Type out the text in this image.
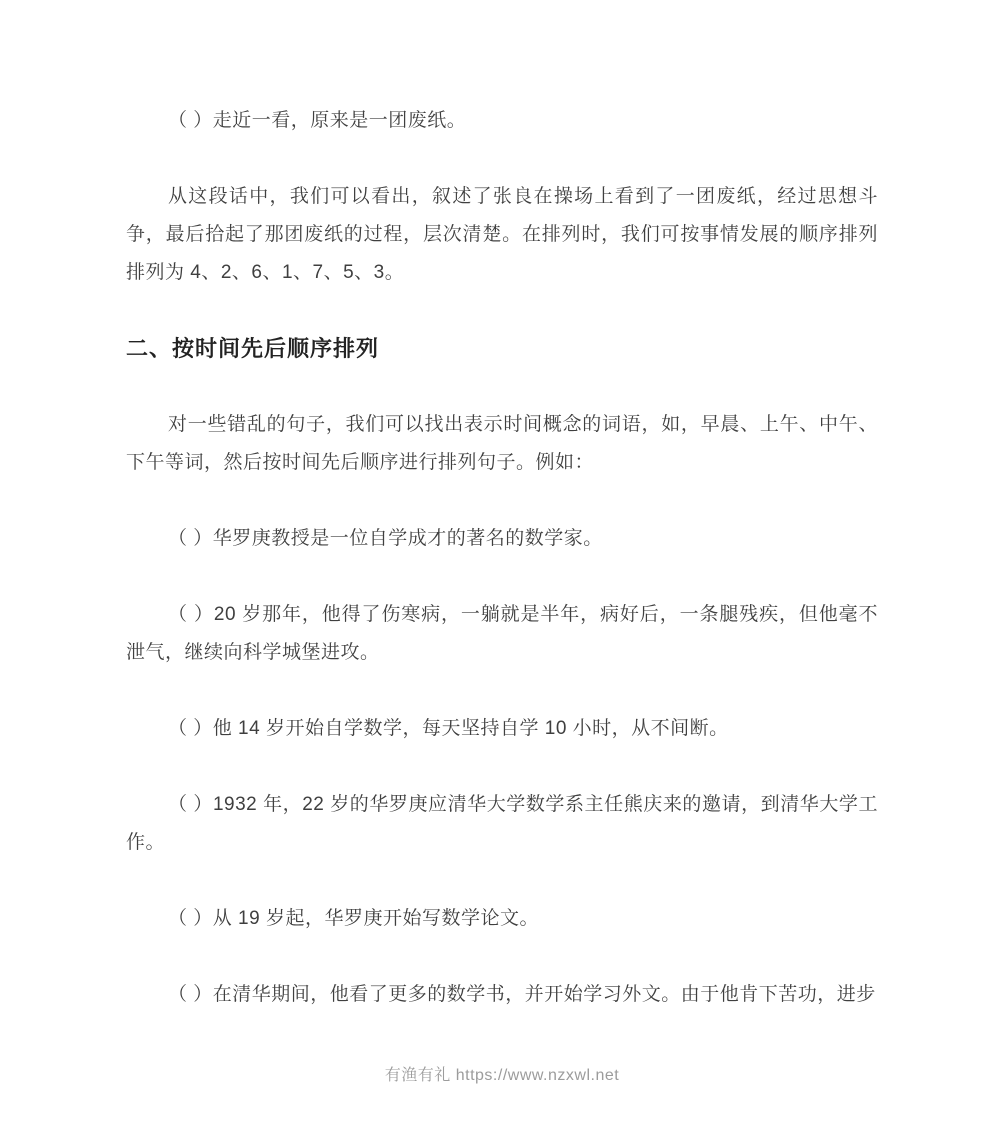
（ ）走近一看，原来是一团废纸。

从这段话中，我们可以看出，叙述了张良在操场上看到了一团废纸，经过思想斗争，最后拾起了那团废纸的过程，层次清楚。在排列时，我们可按事情发展的顺序排列排列为 4、2、6、1、7、5、3。

二、按时间先后顺序排列

对一些错乱的句子，我们可以找出表示时间概念的词语，如，早晨、上午、中午、下午等词，然后按时间先后顺序进行排列句子。例如：

（ ）华罗庚教授是一位自学成才的著名的数学家。

（ ）20 岁那年，他得了伤寒病，一躺就是半年，病好后，一条腿残疾，但他毫不泄气，继续向科学城堡进攻。

（ ）他 14 岁开始自学数学，每天坚持自学 10 小时，从不间断。

（ ）1932 年，22 岁的华罗庚应清华大学数学系主任熊庆来的邀请，到清华大学工作。

（ ）从 19 岁起，华罗庚开始写数学论文。

（ ）在清华期间，他看了更多的数学书，并开始学习外文。由于他肯下苦功，进步

有渔有礼 https://www.nzxwl.net
